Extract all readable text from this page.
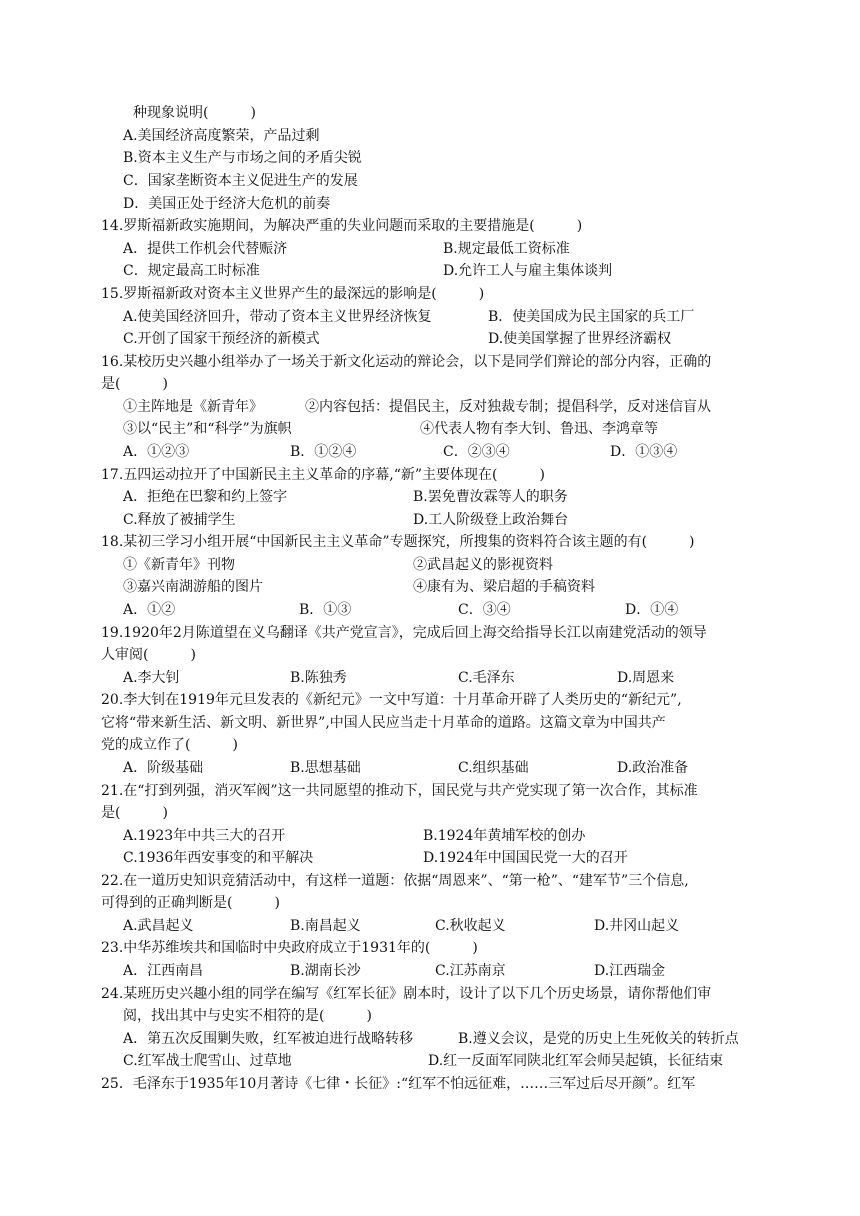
种现象说明(　　　)
A.美国经济高度繁荣，产品过剩
B.资本主义生产与市场之间的矛盾尖锐
C．国家垄断资本主义促进生产的发展
D．美国正处于经济大危机的前奏
14.罗斯福新政实施期间，为解决严重的失业问题而采取的主要措施是(　　　)
A．提供工作机会代替赈济	B.规定最低工资标准
C．规定最高工时标准	D.允许工人与雇主集体谈判
15.罗斯福新政对资本主义世界产生的最深远的影响是(　　　)
A.使美国经济回升，带动了资本主义世界经济恢复	B．使美国成为民主国家的兵工厂
C.开创了国家干预经济的新模式	D.使美国掌握了世界经济霸权
16.某校历史兴趣小组举办了一场关于新文化运动的辩论会，以下是同学们辩论的部分内容，正确的
是(　　　)
①主阵地是《新青年》	②内容包括：提倡民主，反对独裁专制；提倡科学，反对迷信盲从
③以“民主”和“科学”为旗帜	④代表人物有李大钊、鲁迅、李鸿章等
A．①②③	B．①②④	C．②③④	D．①③④
17.五四运动拉开了中国新民主主义革命的序幕,“新”主要体现在(　　　)
A．拒绝在巴黎和约上签字	B.罢免曹汝霖等人的职务
C.释放了被捕学生	D.工人阶级登上政治舞台
18.某初三学习小组开展“中国新民主主义革命”专题探究，所搜集的资料符合该主题的有(　　　)
①《新青年》刊物	②武昌起义的影视资料
③嘉兴南湖游船的图片	④康有为、梁启超的手稿资料
A．①②	B．①③	C．③④	D．①④
19.1920年2月陈道望在义乌翻译《共产党宣言》，完成后回上海交给指导长江以南建党活动的领导
人审阅(　　　)
A.李大钊	B.陈独秀	C.毛泽东	D.周恩来
20.李大钊在1919年元旦发表的《新纪元》一文中写道：十月革命开辟了人类历史的“新纪元”,
它将“带来新生活、新文明、新世界”,中国人民应当走十月革命的道路。这篇文章为中国共产
党的成立作了(　　　)
A．阶级基础	B.思想基础	C.组织基础	D.政治准备
21.在“打到列强，消灭军阀”这一共同愿望的推动下，国民党与共产党实现了第一次合作，其标准
是(　　　)
A.1923年中共三大的召开	B.1924年黄埔军校的创办
C.1936年西安事变的和平解决	D.1924年中国国民党一大的召开
22.在一道历史知识竞猜活动中，有这样一道题：依据“周恩来”、“第一枪”、“建军节”三个信息,
可得到的正确判断是(　　　)
A.武昌起义	B.南昌起义	C.秋收起义	D.井冈山起义
23.中华苏维埃共和国临时中央政府成立于1931年的(　　　)
A．江西南昌	B.湖南长沙	C.江苏南京	D.江西瑞金
24.某班历史兴趣小组的同学在编写《红军长征》剧本时，设计了以下几个历史场景，请你帮他们审
阅，找出其中与史实不相符的是(　　　)
A．第五次反围剿失败，红军被迫进行战略转移	B.遵义会议，是党的历史上生死攸关的转折点
C.红军战士爬雪山、过草地	D.红一反面军同陕北红军会师吴起镇，长征结束
25．毛泽东于1935年10月著诗《七律・长征》:“红军不怕远征难，……三军过后尽开颜”。红军
